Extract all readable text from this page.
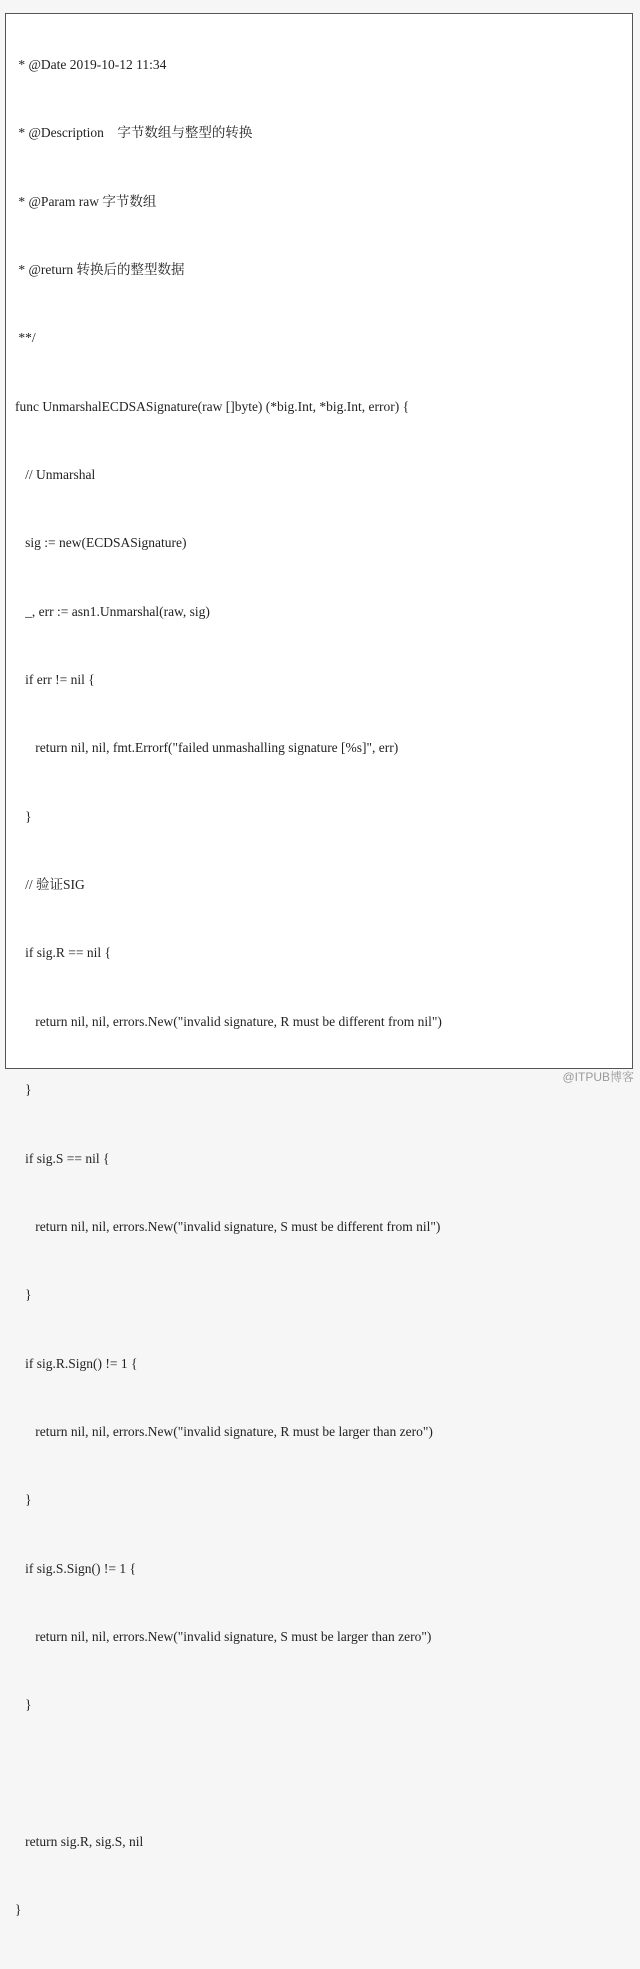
* @Date 2019-10-12 11:34

* @Description    字节数组与整型的转换

* @Param raw 字节数组

* @return 转换后的整型数据

**/

func UnmarshalECDSASignature(raw []byte) (*big.Int, *big.Int, error) {

// Unmarshal

sig := new(ECDSASignature)

_, err := asn1.Unmarshal(raw, sig)

if err != nil {

return nil, nil, fmt.Errorf("failed unmashalling signature [%s]", err)

}

// 验证SIG

if sig.R == nil {

return nil, nil, errors.New("invalid signature, R must be different from nil")

}

if sig.S == nil {

return nil, nil, errors.New("invalid signature, S must be different from nil")

}

if sig.R.Sign() != 1 {

return nil, nil, errors.New("invalid signature, R must be larger than zero")

}

if sig.S.Sign() != 1 {

return nil, nil, errors.New("invalid signature, S must be larger than zero")

}

return sig.R, sig.S, nil

}

@ITPUB博客
